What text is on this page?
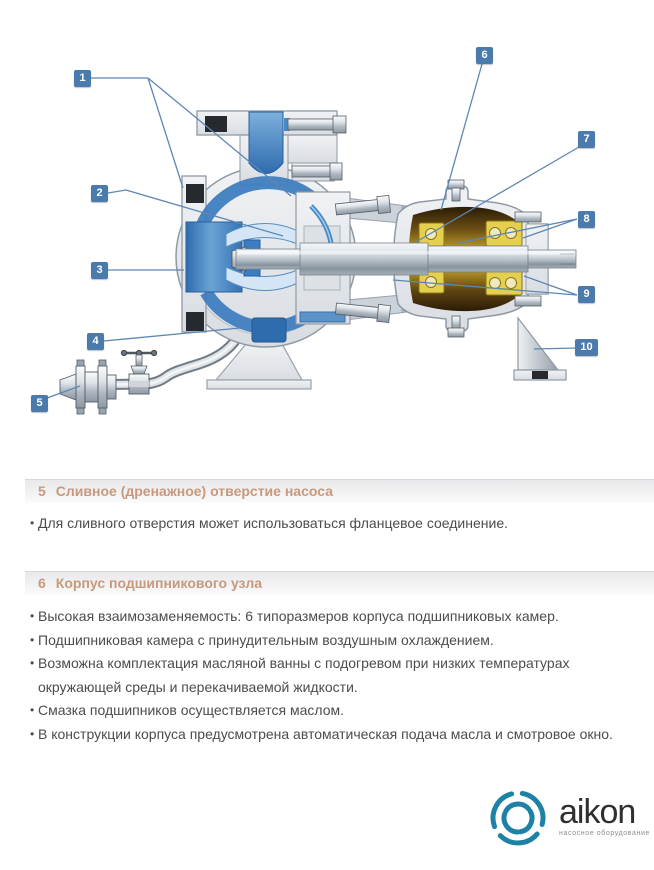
1
2
3
4
5
6
7
8
9
10
5 Сливное (дренажное) отверстие насоса
• Для сливного отверстия может использоваться фланцевое соединение.
6 Корпус подшипникового узла
• Высокая взаимозаменяемость: 6 типоразмеров корпуса подшипниковых камер.
• Подшипниковая камера с принудительным воздушным охлаждением.
• Возможна комплектация масляной ванны с подогревом при низких температурах окружающей среды и перекачиваемой жидкости.
• Смазка подшипников осуществляется маслом.
• В конструкции корпуса предусмотрена автоматическая подача масла и смотровое окно.
aikon
насосное оборудование
